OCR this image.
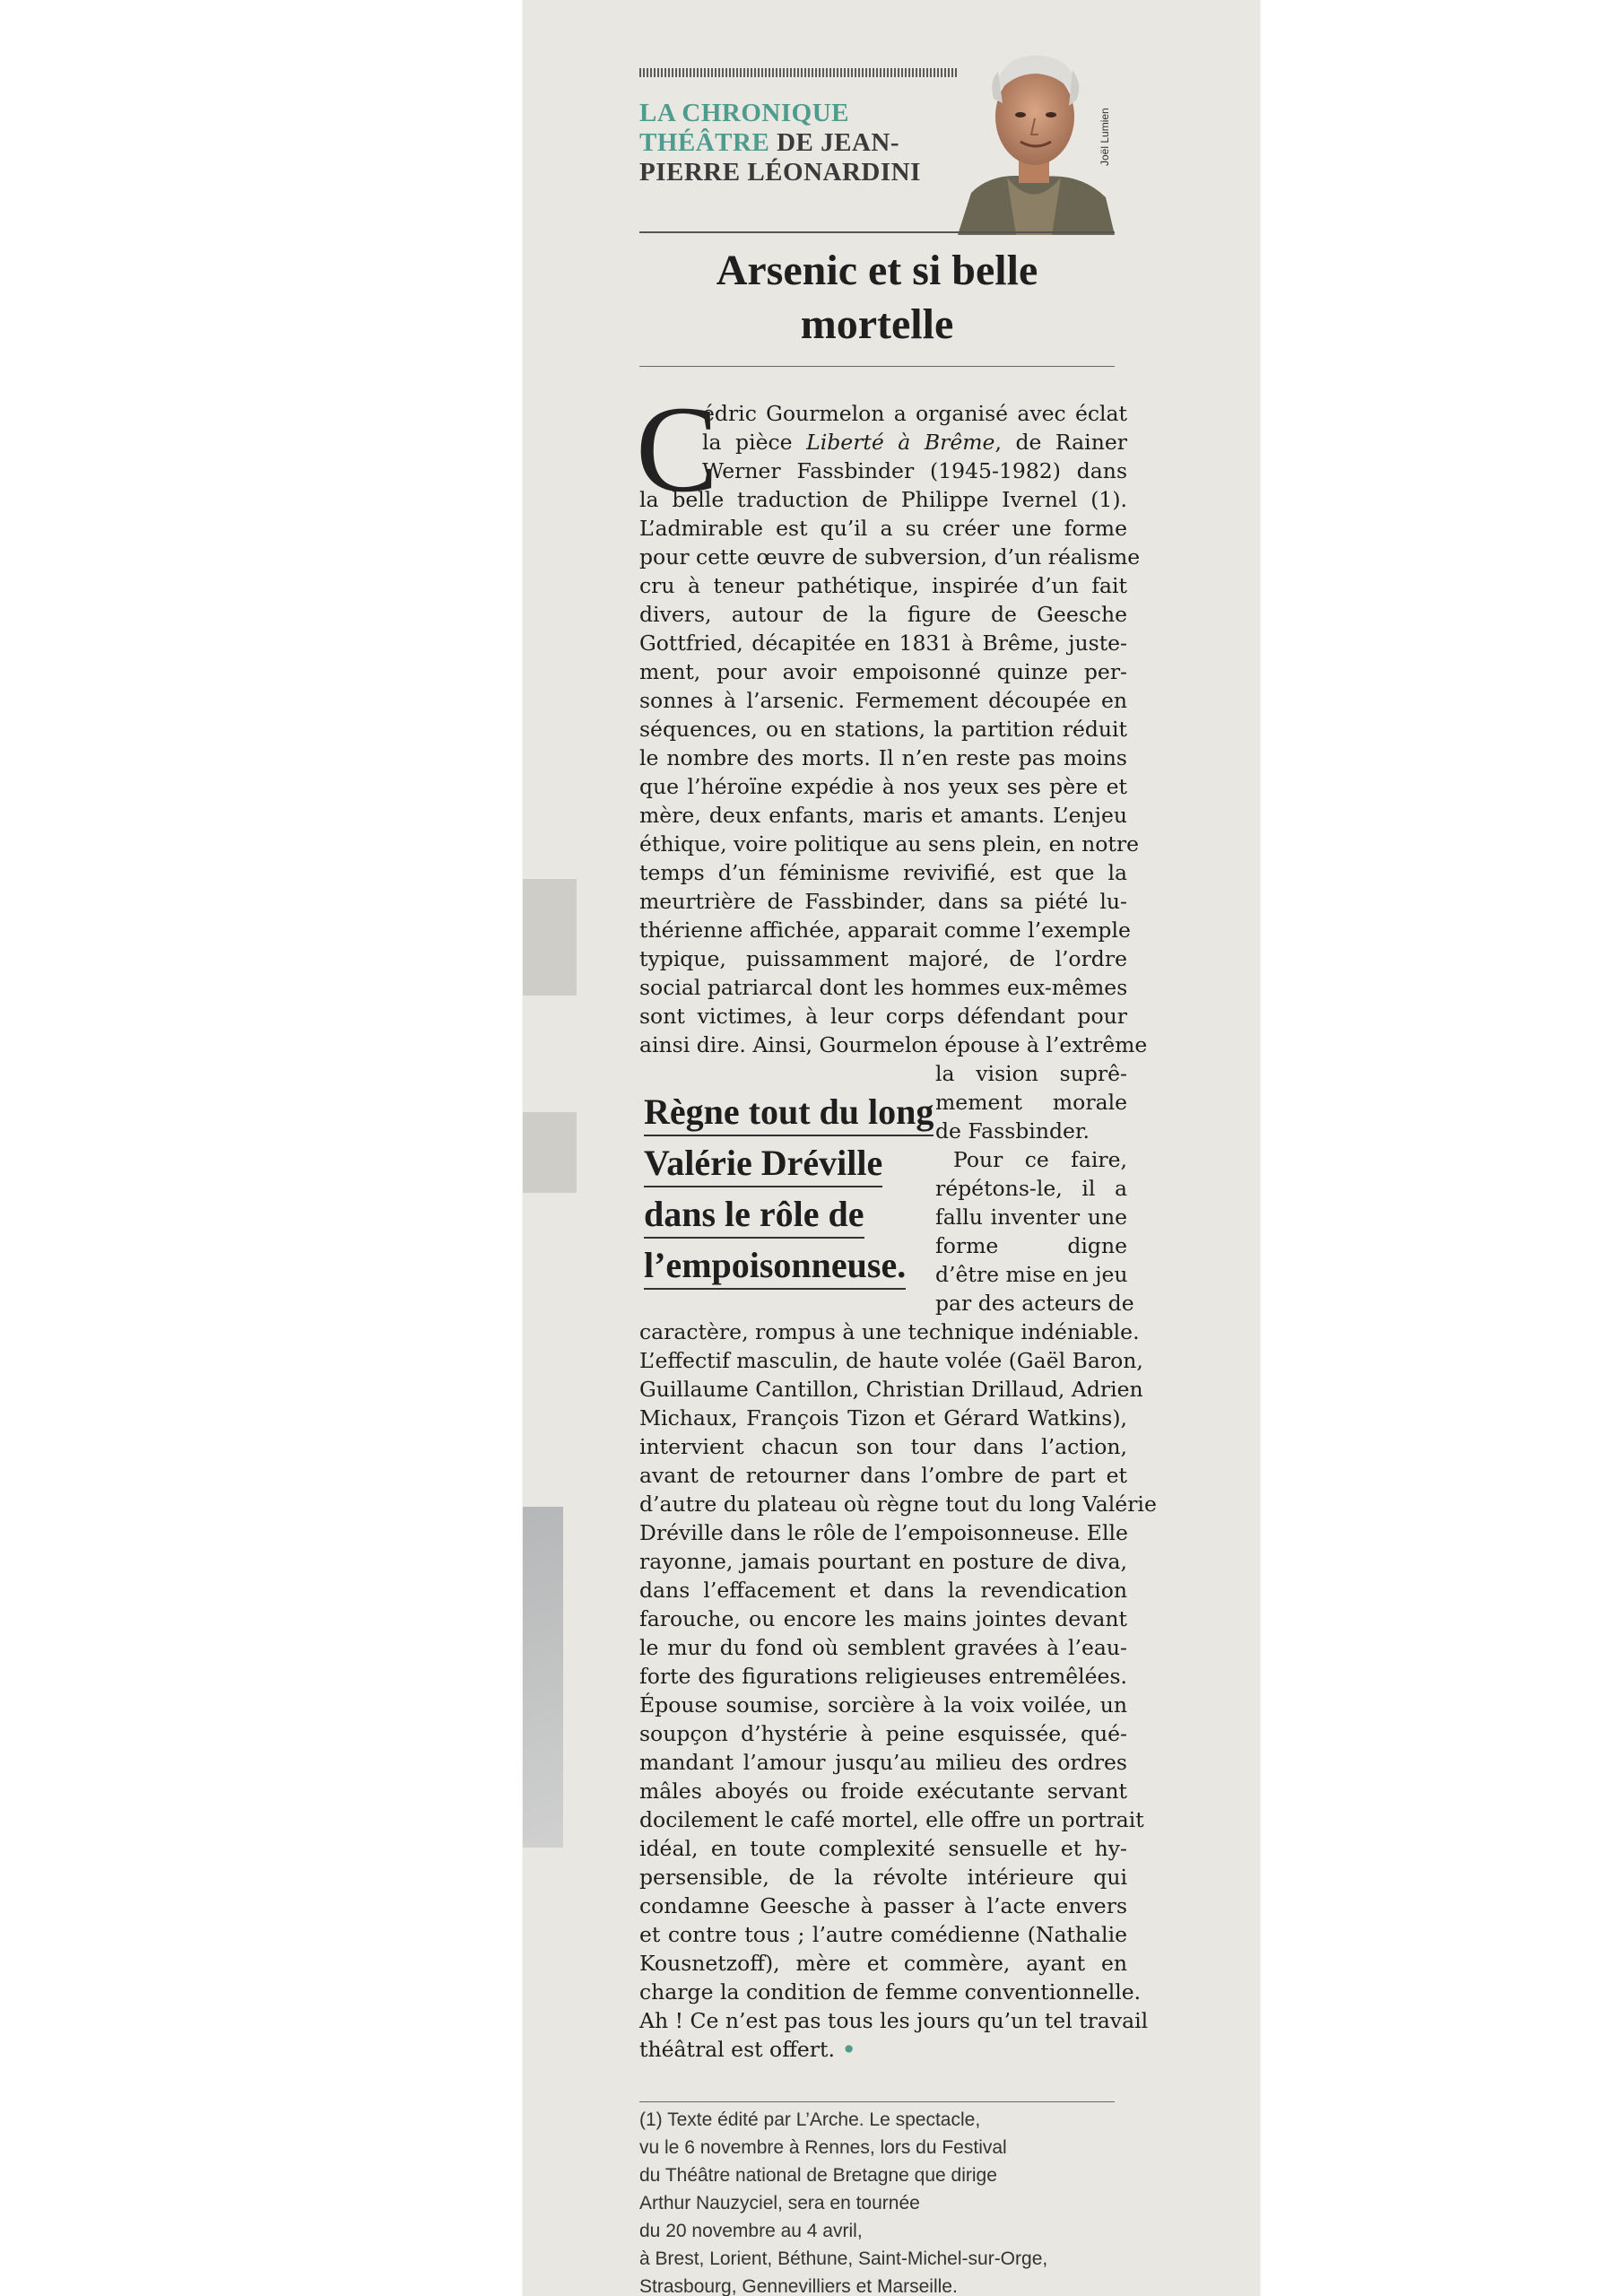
LA CHRONIQUE
THÉÂTRE DE JEAN-
PIERRE LÉONARDINI
Joël Lumien
Arsenic et si belle
mortelle
C
édric Gourmelon a organisé avec éclat
la pièce Liberté à Brême, de Rainer
Werner Fassbinder (1945-1982) dans
la belle traduction de Philippe Ivernel (1).
L’admirable est qu’il a su créer une forme
pour cette œuvre de subversion, d’un réalisme
cru à teneur pathétique, inspirée d’un fait
divers, autour de la figure de Geesche
Gottfried, décapitée en 1831 à Brême, juste-
ment, pour avoir empoisonné quinze per-
sonnes à l’arsenic. Fermement découpée en
séquences, ou en stations, la partition réduit
le nombre des morts. Il n’en reste pas moins
que l’héroïne expédie à nos yeux ses père et
mère, deux enfants, maris et amants. L’enjeu
éthique, voire politique au sens plein, en notre
temps d’un féminisme revivifié, est que la
meurtrière de Fassbinder, dans sa piété lu-
thérienne affichée, apparait comme l’exemple
typique, puissamment majoré, de l’ordre
social patriarcal dont les hommes eux-mêmes
sont victimes, à leur corps défendant pour
ainsi dire. Ainsi, Gourmelon épouse à l’extrême
la vision suprê-
mement morale
de Fassbinder.
Pour ce faire,
répétons-le, il a
fallu inventer une
forme digne
d’être mise en jeu
par des acteurs de
caractère, rompus à une technique indéniable.
L’effectif masculin, de haute volée (Gaël Baron,
Guillaume Cantillon, Christian Drillaud, Adrien
Michaux, François Tizon et Gérard Watkins),
intervient chacun son tour dans l’action,
avant de retourner dans l’ombre de part et
d’autre du plateau où règne tout du long Valérie
Dréville dans le rôle de l’empoisonneuse. Elle
rayonne, jamais pourtant en posture de diva,
dans l’effacement et dans la revendication
farouche, ou encore les mains jointes devant
le mur du fond où semblent gravées à l’eau-
forte des figurations religieuses entremêlées.
Épouse soumise, sorcière à la voix voilée, un
soupçon d’hystérie à peine esquissée, qué-
mandant l’amour jusqu’au milieu des ordres
mâles aboyés ou froide exécutante servant
docilement le café mortel, elle offre un portrait
idéal, en toute complexité sensuelle et hy-
persensible, de la révolte intérieure qui
condamne Geesche à passer à l’acte envers
et contre tous ; l’autre comédienne (Nathalie
Kousnetzoff), mère et commère, ayant en
charge la condition de femme conventionnelle.
Ah ! Ce n’est pas tous les jours qu’un tel travail
théâtral est offert. •
Règne tout du long
Valérie Dréville
dans le rôle de
l’empoisonneuse.
(1) Texte édité par L’Arche. Le spectacle,
vu le 6 novembre à Rennes, lors du Festival
du Théâtre national de Bretagne que dirige
Arthur Nauzyciel, sera en tournée
du 20 novembre au 4 avril,
à Brest, Lorient, Béthune, Saint-Michel-sur-Orge,
Strasbourg, Gennevilliers et Marseille.
